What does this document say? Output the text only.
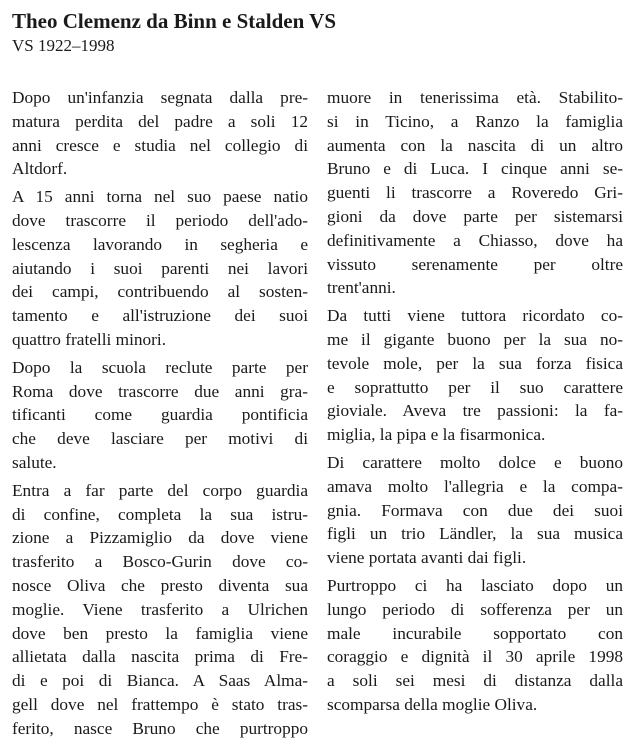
Theo Clemenz da Binn e Stalden VS
VS 1922–1998
Dopo un'infanzia segnata dalla pre-
matura perdita del padre a soli 12
anni cresce e studia nel collegio di
Altdorf.
A 15 anni torna nel suo paese natio
dove trascorre il periodo dell'ado-
lescenza lavorando in segheria e
aiutando i suoi parenti nei lavori
dei campi, contribuendo al sosten-
tamento e all'istruzione dei suoi
quattro fratelli minori.
Dopo la scuola reclute parte per
Roma dove trascorre due anni gra-
tificanti come guardia pontificia
che deve lasciare per motivi di
salute.
Entra a far parte del corpo guardia
di confine, completa la sua istru-
zione a Pizzamiglio da dove viene
trasferito a Bosco-Gurin dove co-
nosce Oliva che presto diventa sua
moglie. Viene trasferito a Ulrichen
dove ben presto la famiglia viene
allietata dalla nascita prima di Fre-
di e poi di Bianca. A Saas Alma-
gell dove nel frattempo è stato tras-
ferito, nasce Bruno che purtroppo
muore in tenerissima età. Stabilito-
si in Ticino, a Ranzo la famiglia
aumenta con la nascita di un altro
Bruno e di Luca. I cinque anni se-
guenti li trascorre a Roveredo Gri-
gioni da dove parte per sistemarsi
definitivamente a Chiasso, dove ha
vissuto serenamente per oltre
trent'anni.
Da tutti viene tuttora ricordato co-
me il gigante buono per la sua no-
tevole mole, per la sua forza fisica
e soprattutto per il suo carattere
gioviale. Aveva tre passioni: la fa-
miglia, la pipa e la fisarmonica.
Di carattere molto dolce e buono
amava molto l'allegria e la compa-
gnia. Formava con due dei suoi
figli un trio Ländler, la sua musica
viene portata avanti dai figli.
Purtroppo ci ha lasciato dopo un
lungo periodo di sofferenza per un
male incurabile sopportato con
coraggio e dignità il 30 aprile 1998
a soli sei mesi di distanza dalla
scomparsa della moglie Oliva.
